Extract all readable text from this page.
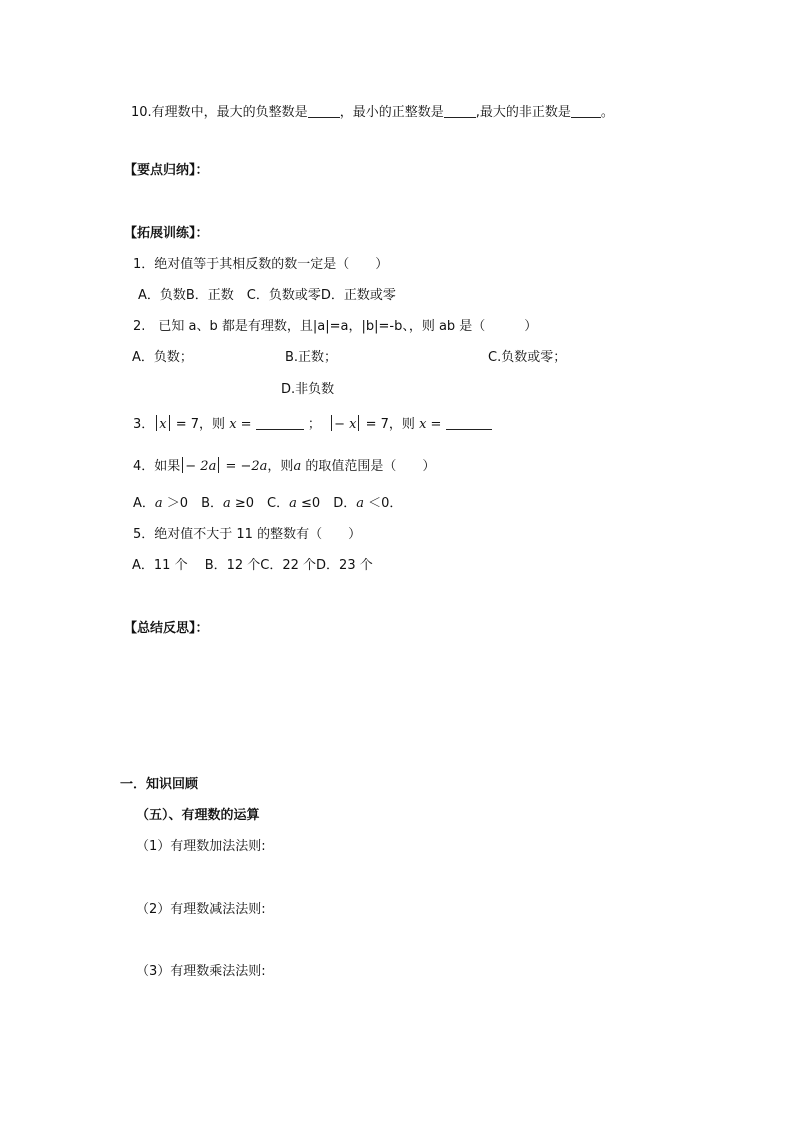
10.有理数中，最大的负整数是 ，最小的正整数是 ,最大的非正数是 。
【要点归纳】：
【拓展训练】：
1．绝对值等于其相反数的数一定是（　　）
A．负数B．正数　C．负数或零D．正数或零
2.　已知 a、b 都是有理数，且|a|=a，|b|=-b、，则 ab 是（　　　）
A．负数；	B.正数；	C.负数或零；
D.非负数
3． x = 7，则 x =	； − x = 7，则 x =
4．如果 − 2a = −2a，则a 的取值范围是（　　）
A．a ＞0　B．a ≥0　C．a ≤0　D．a ＜0．
5．绝对值不大于 11 的整数有（　　）
A．11 个　 B．12 个C．22 个D．23 个
【总结反思】：
一．知识回顾
（五）、有理数的运算
（1）有理数加法法则:
（2）有理数减法法则:
（3）有理数乘法法则:
